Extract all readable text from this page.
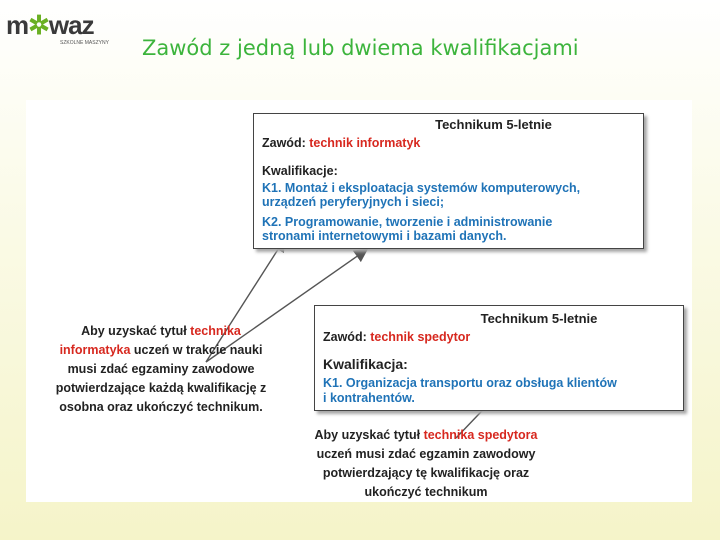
m✲waz
SZKOLNE MASZYNY Zawód z jedną lub dwiema kwalifikacjami
Technikum 5-letnie
Zawód: technik informatyk
Kwalifikacje:
K1. Montaż i eksploatacja systemów komputerowych,
urządzeń peryferyjnych i sieci;
K2. Programowanie, tworzenie i administrowanie
stronami internetowymi i bazami danych.
Technikum 5-letnie
Zawód: technik spedytor
Kwalifikacja:
K1. Organizacja transportu oraz obsługa klientów
i kontrahentów.
Aby uzyskać tytuł technika
informatyka uczeń w trakcie nauki
musi zdać egzaminy zawodowe
potwierdzające każdą kwalifikację z
osobna oraz ukończyć technikum.
Aby uzyskać tytuł technika spedytora
uczeń musi zdać egzamin zawodowy
potwierdzający tę kwalifikację oraz
ukończyć technikum
